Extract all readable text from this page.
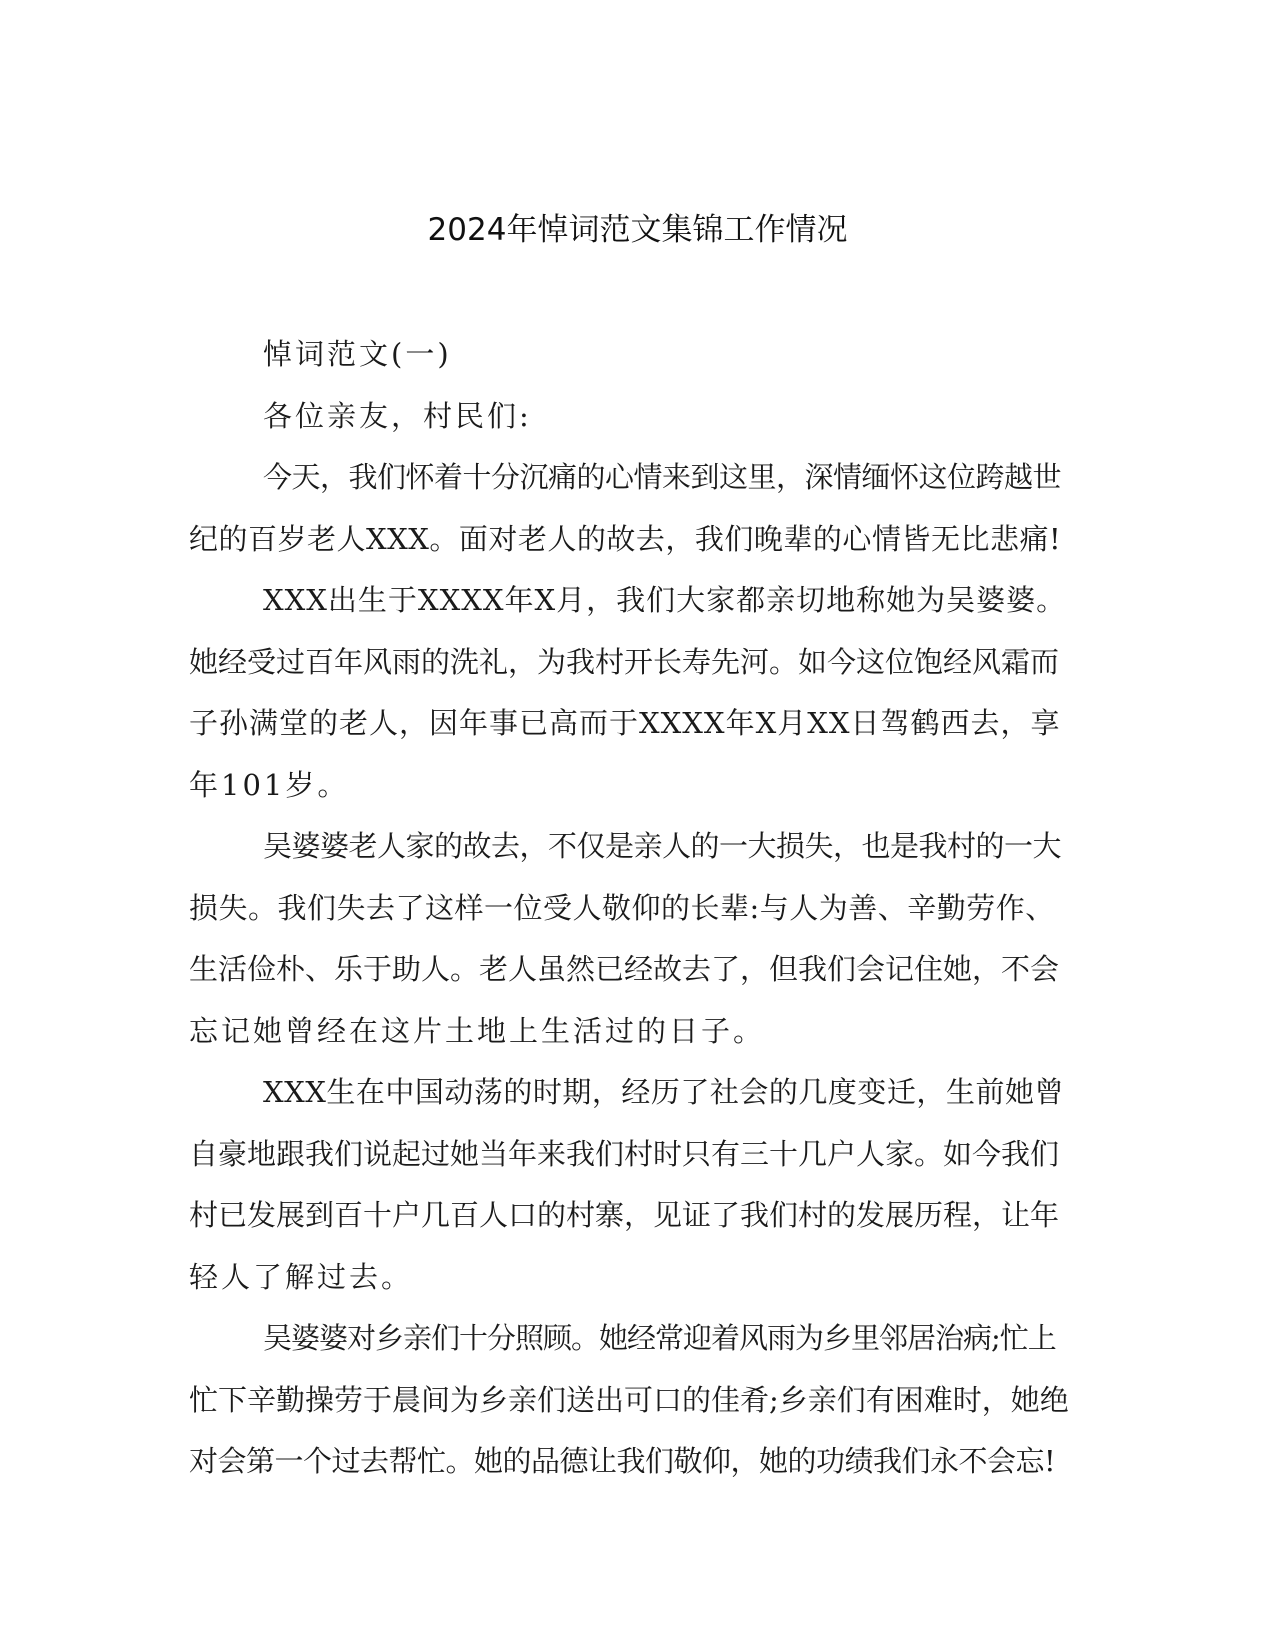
2024年悼词范文集锦工作情况
悼词范文(一)
各位亲友，村民们:
今天，我们怀着十分沉痛的心情来到这里，深情缅怀这位跨越世
纪的百岁老人XXX。面对老人的故去，我们晚辈的心情皆无比悲痛!
XXX出生于XXXX年X月，我们大家都亲切地称她为吴婆婆。
她经受过百年风雨的洗礼，为我村开长寿先河。如今这位饱经风霜而
子孙满堂的老人，因年事已高而于XXXX年X月XX日驾鹤西去，享
年101岁。
吴婆婆老人家的故去，不仅是亲人的一大损失，也是我村的一大
损失。我们失去了这样一位受人敬仰的长辈:与人为善、辛勤劳作、
生活俭朴、乐于助人。老人虽然已经故去了，但我们会记住她，不会
忘记她曾经在这片土地上生活过的日子。
XXX生在中国动荡的时期，经历了社会的几度变迁，生前她曾
自豪地跟我们说起过她当年来我们村时只有三十几户人家。如今我们
村已发展到百十户几百人口的村寨，见证了我们村的发展历程，让年
轻人了解过去。
吴婆婆对乡亲们十分照顾。她经常迎着风雨为乡里邻居治病;忙上
忙下辛勤操劳于晨间为乡亲们送出可口的佳肴;乡亲们有困难时，她绝
对会第一个过去帮忙。她的品德让我们敬仰，她的功绩我们永不会忘!
